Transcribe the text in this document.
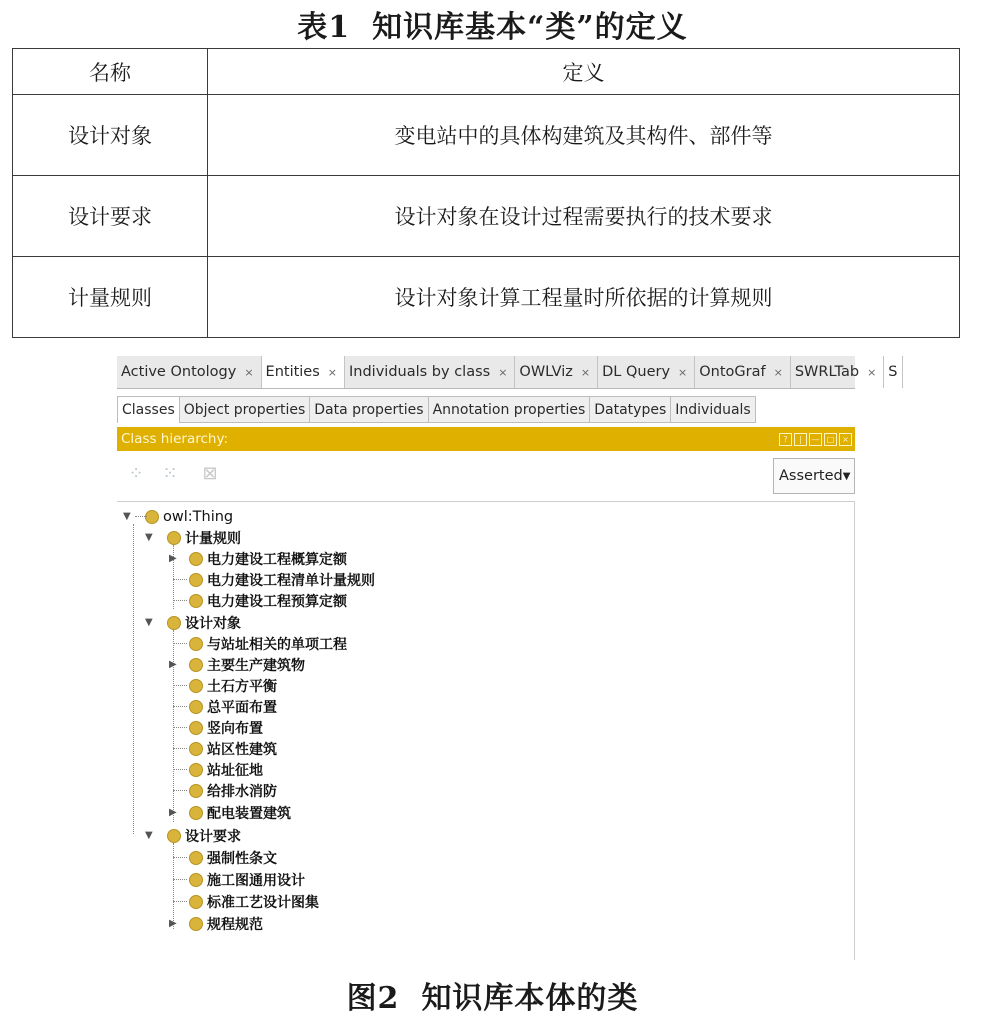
表1 知识库基本“类”的定义
名称	定义
设计对象	变电站中的具体构建筑及其构件、部件等
设计要求	设计对象在设计过程需要执行的技术要求
计量规则	设计对象计算工程量时所依据的计算规则
Active Ontology × Entities × Individuals by class × OWLViz × DL Query × OntoGraf × SWRLTab × S
Classes Object properties Data properties Annotation properties Datatypes Individuals
Class hierarchy:	?	|	— □ ×
⁘	⁙	⊠	Asserted ▼
▼ owl:Thing
▼ 计量规则
▶ 电力建设工程概算定额
电力建设工程清单计量规则
电力建设工程预算定额
▼ 设计对象
与站址相关的单项工程
▶ 主要生产建筑物
土石方平衡
总平面布置
竖向布置
站区性建筑
站址征地
给排水消防
▶ 配电装置建筑
▼ 设计要求
强制性条文
施工图通用设计
标准工艺设计图集
▶ 规程规范
图2 知识库本体的类
